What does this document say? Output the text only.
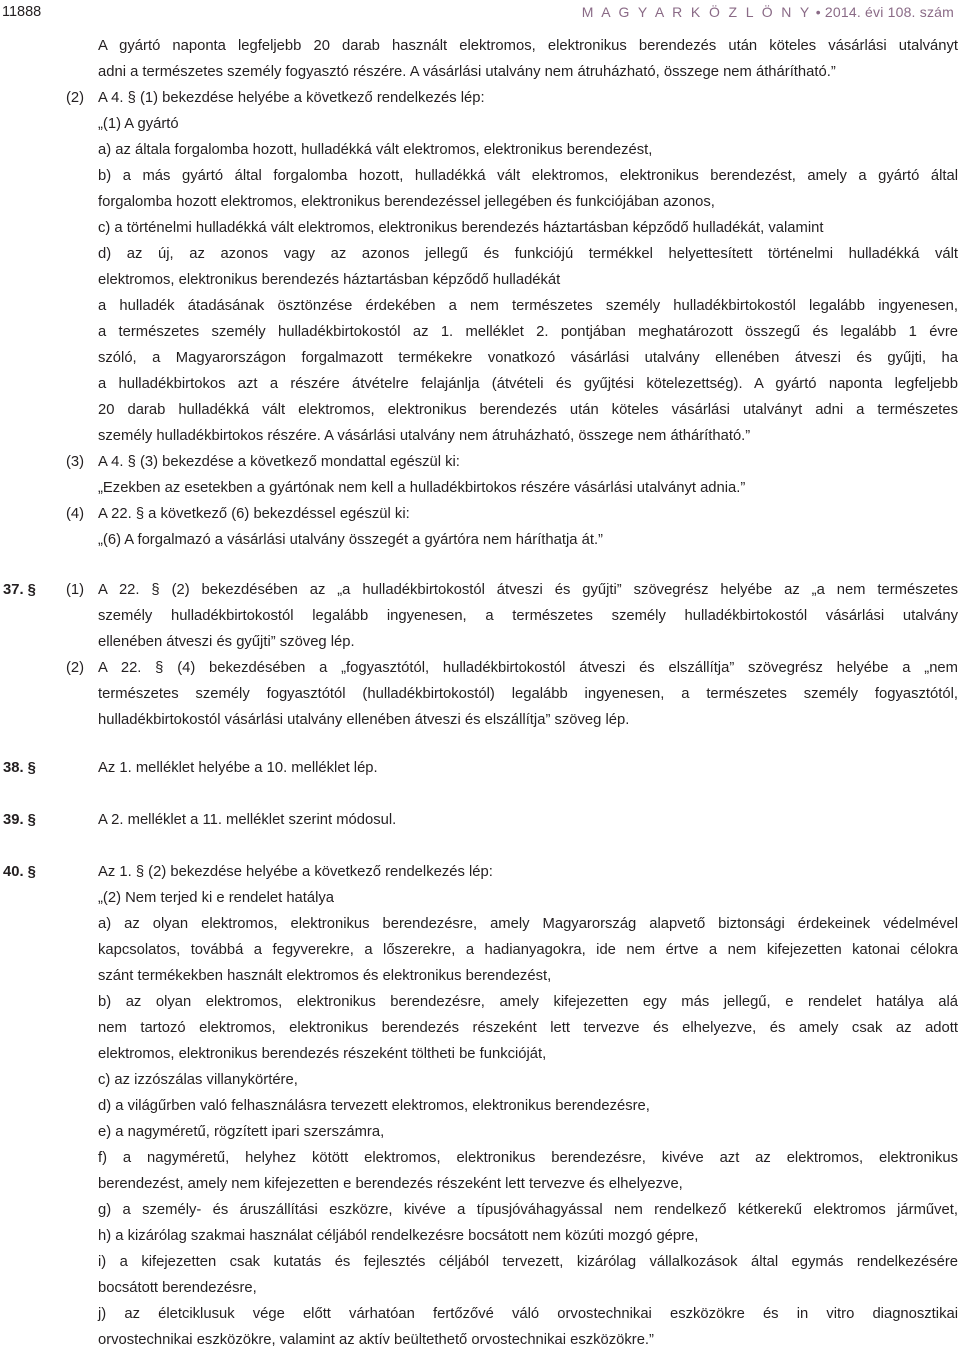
11888	M A G Y A R K Ö Z L Ö N Y • 2014. évi 108. szám
A gyártó naponta legfeljebb 20 darab használt elektromos, elektronikus berendezés után köteles vásárlási utalványt
adni a természetes személy fogyasztó részére. A vásárlási utalvány nem átruházható, összege nem áthárítható.”
(2) A 4. § (1) bekezdése helyébe a következő rendelkezés lép:
„(1) A gyártó
a) az általa forgalomba hozott, hulladékká vált elektromos, elektronikus berendezést,
b) a más gyártó által forgalomba hozott, hulladékká vált elektromos, elektronikus berendezést, amely a gyártó által
forgalomba hozott elektromos, elektronikus berendezéssel jellegében és funkciójában azonos,
c) a történelmi hulladékká vált elektromos, elektronikus berendezés háztartásban képződő hulladékát, valamint
d) az új, az azonos vagy az azonos jellegű és funkciójú termékkel helyettesített történelmi hulladékká vált
elektromos, elektronikus berendezés háztartásban képződő hulladékát
a hulladék átadásának ösztönzése érdekében a nem természetes személy hulladékbirtokostól legalább ingyenesen,
a természetes személy hulladékbirtokostól az 1. melléklet 2. pontjában meghatározott összegű és legalább 1 évre
szóló, a Magyarországon forgalmazott termékekre vonatkozó vásárlási utalvány ellenében átveszi és gyűjti, ha
a hulladékbirtokos azt a részére átvételre felajánlja (átvételi és gyűjtési kötelezettség). A gyártó naponta legfeljebb
20 darab hulladékká vált elektromos, elektronikus berendezés után köteles vásárlási utalványt adni a természetes
személy hulladékbirtokos részére. A vásárlási utalvány nem átruházható, összege nem áthárítható.”
(3) A 4. § (3) bekezdése a következő mondattal egészül ki:
„Ezekben az esetekben a gyártónak nem kell a hulladékbirtokos részére vásárlási utalványt adnia.”
(4) A 22. § a következő (6) bekezdéssel egészül ki:
„(6) A forgalmazó a vásárlási utalvány összegét a gyártóra nem háríthatja át.”
37. § (1) A 22. § (2) bekezdésében az „a hulladékbirtokostól átveszi és gyűjti” szövegrész helyébe az „a nem természetes
személy hulladékbirtokostól legalább ingyenesen, a természetes személy hulladékbirtokostól vásárlási utalvány
ellenében átveszi és gyűjti” szöveg lép.
(2) A 22. § (4) bekezdésében a „fogyasztótól, hulladékbirtokostól átveszi és elszállítja” szövegrész helyébe a „nem
természetes személy fogyasztótól (hulladékbirtokostól) legalább ingyenesen, a természetes személy fogyasztótól,
hulladékbirtokostól vásárlási utalvány ellenében átveszi és elszállítja” szöveg lép.
38. §	Az 1. melléklet helyébe a 10. melléklet lép.
39. §	A 2. melléklet a 11. melléklet szerint módosul.
40. §	Az 1. § (2) bekezdése helyébe a következő rendelkezés lép:
„(2) Nem terjed ki e rendelet hatálya
a) az olyan elektromos, elektronikus berendezésre, amely Magyarország alapvető biztonsági érdekeinek védelmével
kapcsolatos, továbbá a fegyverekre, a lőszerekre, a hadianyagokra, ide nem értve a nem kifejezetten katonai célokra
szánt termékekben használt elektromos és elektronikus berendezést,
b) az olyan elektromos, elektronikus berendezésre, amely kifejezetten egy más jellegű, e rendelet hatálya alá
nem tartozó elektromos, elektronikus berendezés részeként lett tervezve és elhelyezve, és amely csak az adott
elektromos, elektronikus berendezés részeként töltheti be funkcióját,
c) az izzószálas villanykörtére,
d) a világűrben való felhasználásra tervezett elektromos, elektronikus berendezésre,
e) a nagyméretű, rögzített ipari szerszámra,
f) a nagyméretű, helyhez kötött elektromos, elektronikus berendezésre, kivéve azt az elektromos, elektronikus
berendezést, amely nem kifejezetten e berendezés részeként lett tervezve és elhelyezve,
g) a személy- és áruszállítási eszközre, kivéve a típusjóváhagyással nem rendelkező kétkerekű elektromos járművet,
h) a kizárólag szakmai használat céljából rendelkezésre bocsátott nem közúti mozgó gépre,
i) a kifejezetten csak kutatás és fejlesztés céljából tervezett, kizárólag vállalkozások által egymás rendelkezésére
bocsátott berendezésre,
j) az életciklusuk vége előtt várhatóan fertőzővé váló orvostechnikai eszközökre és in vitro diagnosztikai
orvostechnikai eszközökre, valamint az aktív beültethető orvostechnikai eszközökre.”
